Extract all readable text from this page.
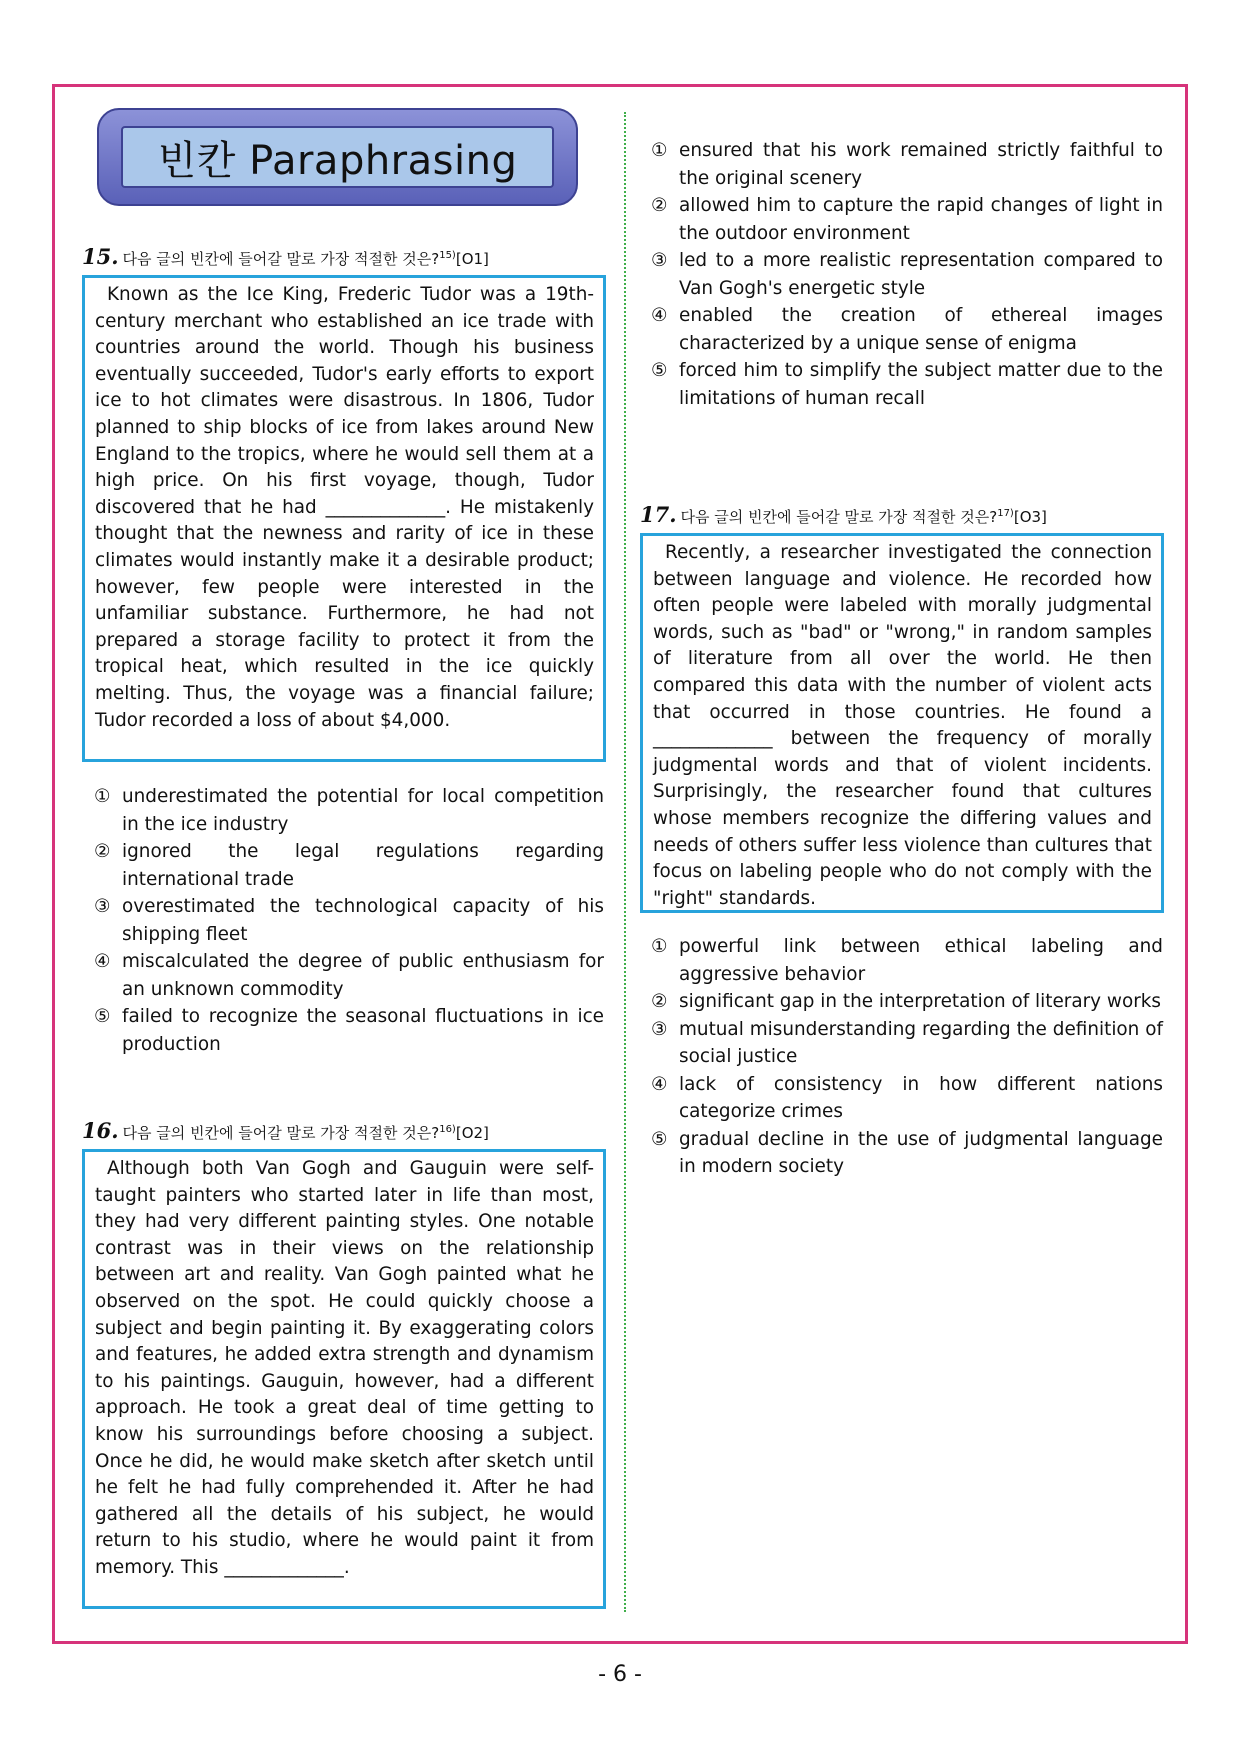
빈칸 Paraphrasing
15. 다음 글의 빈칸에 들어갈 말로 가장 적절한 것은?$^{15)}$[O1]

Known as the Ice King, Frederic Tudor was a 19th-century merchant who established an ice trade with countries around the world. Though his business eventually succeeded, Tudor's early efforts to export ice to hot climates were disastrous. In 1806, Tudor planned to ship blocks of ice from lakes around New England to the tropics, where he would sell them at a high price. On his first voyage, though, Tudor discovered that he had _____________. He mistakenly thought that the newness and rarity of ice in these climates would instantly make it a desirable product; however, few people were interested in the unfamiliar substance. Furthermore, he had not prepared a storage facility to protect it from the tropical heat, which resulted in the ice quickly melting. Thus, the voyage was a financial failure; Tudor recorded a loss of about $4,000.

① underestimated the potential for local competition in the ice industry
② ignored the legal regulations regarding international trade
③ overestimated the technological capacity of his shipping fleet
④ miscalculated the degree of public enthusiasm for an unknown commodity
⑤ failed to recognize the seasonal fluctuations in ice production
16. 다음 글의 빈칸에 들어갈 말로 가장 적절한 것은?$^{16)}$[O2]

Although both Van Gogh and Gauguin were self-taught painters who started later in life than most, they had very different painting styles. One notable contrast was in their views on the relationship between art and reality. Van Gogh painted what he observed on the spot. He could quickly choose a subject and begin painting it. By exaggerating colors and features, he added extra strength and dynamism to his paintings. Gauguin, however, had a different approach. He took a great deal of time getting to know his surroundings before choosing a subject. Once he did, he would make sketch after sketch until he felt he had fully comprehended it. After he had gathered all the details of his subject, he would return to his studio, where he would paint it from memory. This _____________.

① ensured that his work remained strictly faithful to the original scenery
② allowed him to capture the rapid changes of light in the outdoor environment
③ led to a more realistic representation compared to Van Gogh's energetic style
④ enabled the creation of ethereal images characterized by a unique sense of enigma
⑤ forced him to simplify the subject matter due to the limitations of human recall
17. 다음 글의 빈칸에 들어갈 말로 가장 적절한 것은?$^{17)}$[O3]

Recently, a researcher investigated the connection between language and violence. He recorded how often people were labeled with morally judgmental words, such as "bad" or "wrong," in random samples of literature from all over the world. He then compared this data with the number of violent acts that occurred in those countries. He found a _____________ between the frequency of morally judgmental words and that of violent incidents. Surprisingly, the researcher found that cultures whose members recognize the differing values and needs of others suffer less violence than cultures that focus on labeling people who do not comply with the "right" standards.

① powerful link between ethical labeling and aggressive behavior
② significant gap in the interpretation of literary works
③ mutual misunderstanding regarding the definition of social justice
④ lack of consistency in how different nations categorize crimes
⑤ gradual decline in the use of judgmental language in modern society
- 6 -
